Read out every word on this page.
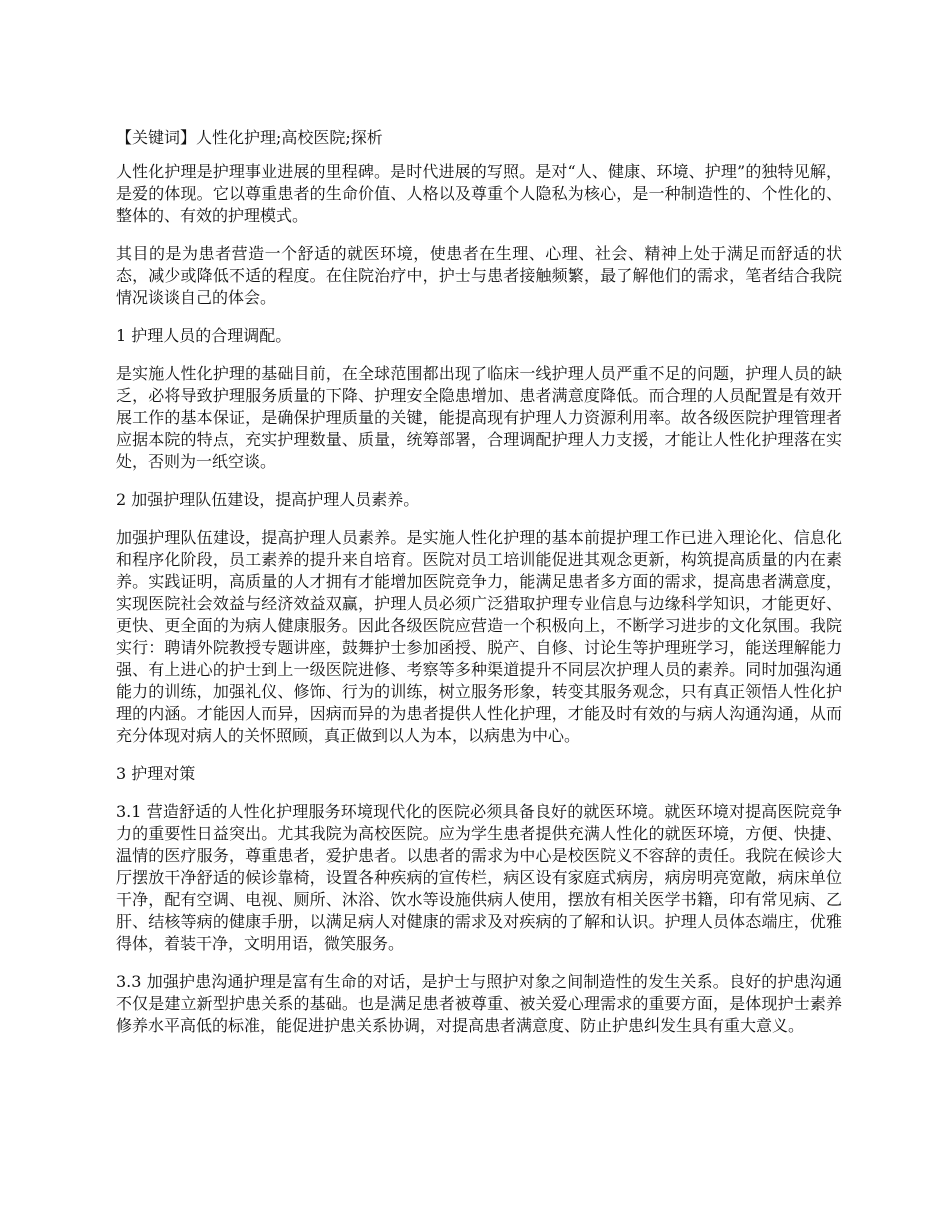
【关键词】人性化护理;高校医院;探析

人性化护理是护理事业进展的里程碑。是时代进展的写照。是对“人、健康、环境、护理”的独特见解，是爱的体现。它以尊重患者的生命价值、人格以及尊重个人隐私为核心，是一种制造性的、个性化的、整体的、有效的护理模式。

其目的是为患者营造一个舒适的就医环境，使患者在生理、心理、社会、精神上处于满足而舒适的状态，减少或降低不适的程度。在住院治疗中，护士与患者接触频繁，最了解他们的需求，笔者结合我院情况谈谈自己的体会。

1 护理人员的合理调配。

是实施人性化护理的基础目前，在全球范围都出现了临床一线护理人员严重不足的问题，护理人员的缺乏，必将导致护理服务质量的下降、护理安全隐患增加、患者满意度降低。而合理的人员配置是有效开展工作的基本保证，是确保护理质量的关键，能提高现有护理人力资源利用率。故各级医院护理管理者应据本院的特点，充实护理数量、质量，统筹部署，合理调配护理人力支援，才能让人性化护理落在实处，否则为一纸空谈。

2 加强护理队伍建设，提高护理人员素养。

加强护理队伍建设，提高护理人员素养。是实施人性化护理的基本前提护理工作已进入理论化、信息化和程序化阶段，员工素养的提升来自培育。医院对员工培训能促进其观念更新，构筑提高质量的内在素养。实践证明，高质量的人才拥有才能增加医院竞争力，能满足患者多方面的需求，提高患者满意度，实现医院社会效益与经济效益双赢，护理人员必须广泛猎取护理专业信息与边缘科学知识，才能更好、更快、更全面的为病人健康服务。因此各级医院应营造一个积极向上，不断学习进步的文化氛围。我院实行：聘请外院教授专题讲座，鼓舞护士参加函授、脱产、自修、讨论生等护理班学习，能送理解能力强、有上进心的护士到上一级医院进修、考察等多种渠道提升不同层次护理人员的素养。同时加强沟通能力的训练，加强礼仪、修饰、行为的训练，树立服务形象，转变其服务观念，只有真正领悟人性化护理的内涵。才能因人而异，因病而异的为患者提供人性化护理，才能及时有效的与病人沟通沟通，从而充分体现对病人的关怀照顾，真正做到以人为本，以病患为中心。

3 护理对策

3.1 营造舒适的人性化护理服务环境现代化的医院必须具备良好的就医环境。就医环境对提高医院竞争力的重要性日益突出。尤其我院为高校医院。应为学生患者提供充满人性化的就医环境，方便、快捷、温情的医疗服务，尊重患者，爱护患者。以患者的需求为中心是校医院义不容辞的责任。我院在候诊大厅摆放干净舒适的候诊靠椅，设置各种疾病的宣传栏，病区设有家庭式病房，病房明亮宽敞，病床单位干净，配有空调、电视、厕所、沐浴、饮水等设施供病人使用，摆放有相关医学书籍，印有常见病、乙肝、结核等病的健康手册，以满足病人对健康的需求及对疾病的了解和认识。护理人员体态端庄，优雅得体，着装干净，文明用语，微笑服务。

3.3 加强护患沟通护理是富有生命的对话，是护士与照护对象之间制造性的发生关系。良好的护患沟通不仅是建立新型护患关系的基础。也是满足患者被尊重、被关爱心理需求的重要方面，是体现护士素养修养水平高低的标准，能促进护患关系协调，对提高患者满意度、防止护患纠发生具有重大意义。
